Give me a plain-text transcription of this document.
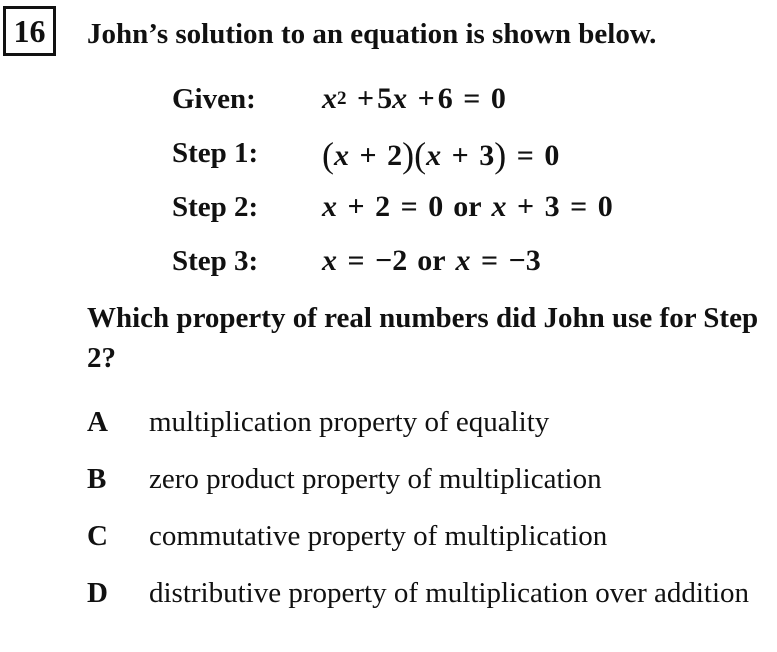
16	John’s solution to an equation is shown below.
Given: $x^2 + 5x + 6 = 0$
Step 1: (x + 2)(x + 3) = 0
Step 2: x + 2 = 0 or x + 3 = 0
Step 3: x = −2 or x = −3
Which property of real numbers did John use for Step 2?
A multiplication property of equality
B zero product property of multiplication
C commutative property of multiplication
D distributive property of multiplication over addition
